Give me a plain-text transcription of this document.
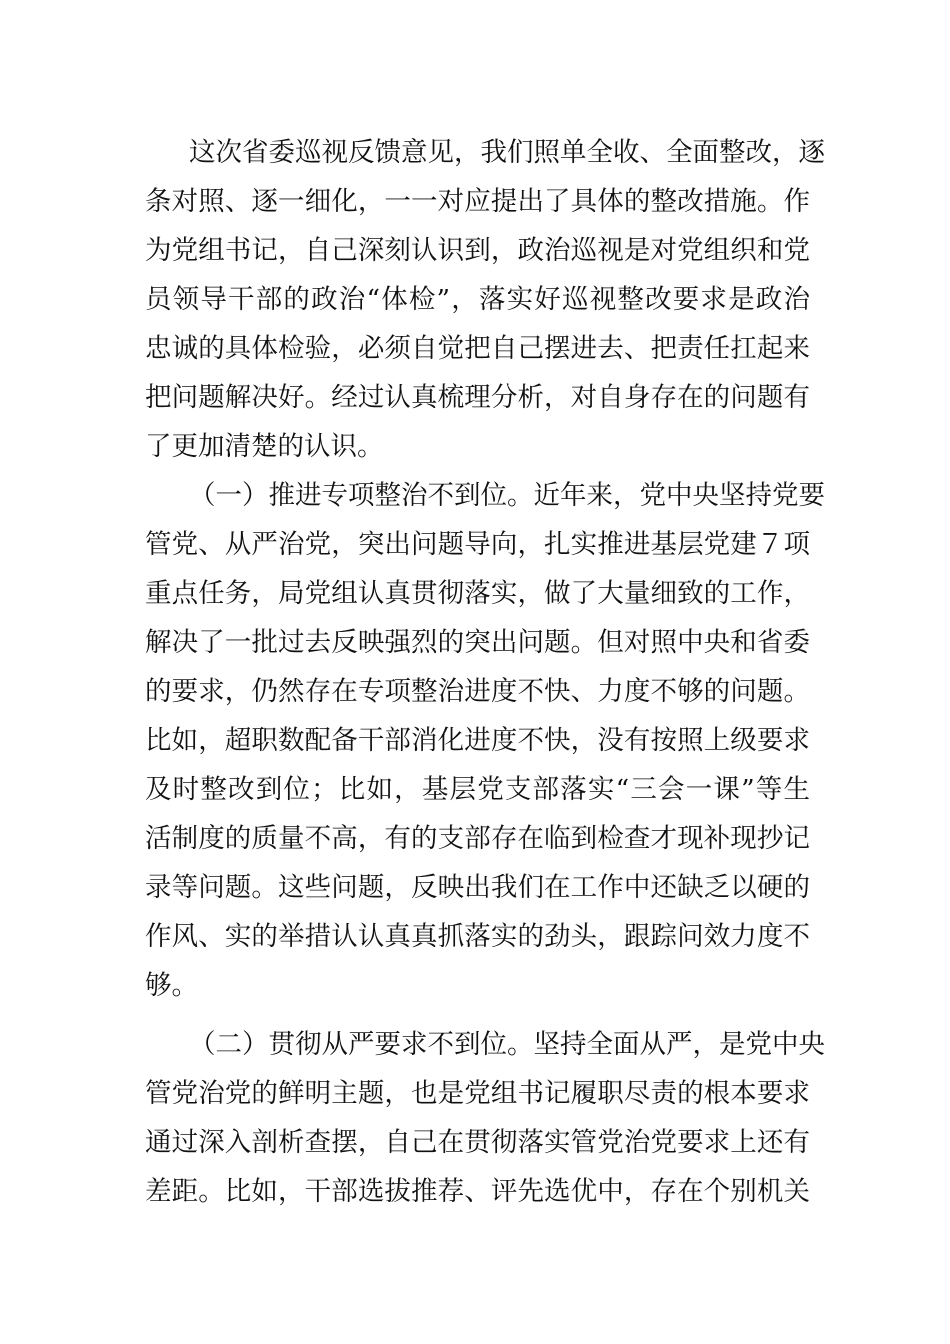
这次省委巡视反馈意见，我们照单全收、全面整改，逐
条对照、逐一细化，一一对应提出了具体的整改措施。作
为党组书记，自己深刻认识到，政治巡视是对党组织和党
员领导干部的政治“体检”，落实好巡视整改要求是政治
忠诚的具体检验，必须自觉把自己摆进去、把责任扛起来
把问题解决好。经过认真梳理分析，对自身存在的问题有
了更加清楚的认识。
（一）推进专项整治不到位。近年来，党中央坚持党要
管党、从严治党，突出问题导向，扎实推进基层党建７项
重点任务，局党组认真贯彻落实，做了大量细致的工作，
解决了一批过去反映强烈的突出问题。但对照中央和省委
的要求，仍然存在专项整治进度不快、力度不够的问题。
比如，超职数配备干部消化进度不快，没有按照上级要求
及时整改到位；比如，基层党支部落实“三会一课”等生
活制度的质量不高，有的支部存在临到检查才现补现抄记
录等问题。这些问题，反映出我们在工作中还缺乏以硬的
作风、实的举措认认真真抓落实的劲头，跟踪问效力度不
够。
（二）贯彻从严要求不到位。坚持全面从严，是党中央
管党治党的鲜明主题，也是党组书记履职尽责的根本要求
通过深入剖析查摆，自己在贯彻落实管党治党要求上还有
差距。比如，干部选拔推荐、评先选优中，存在个别机关
